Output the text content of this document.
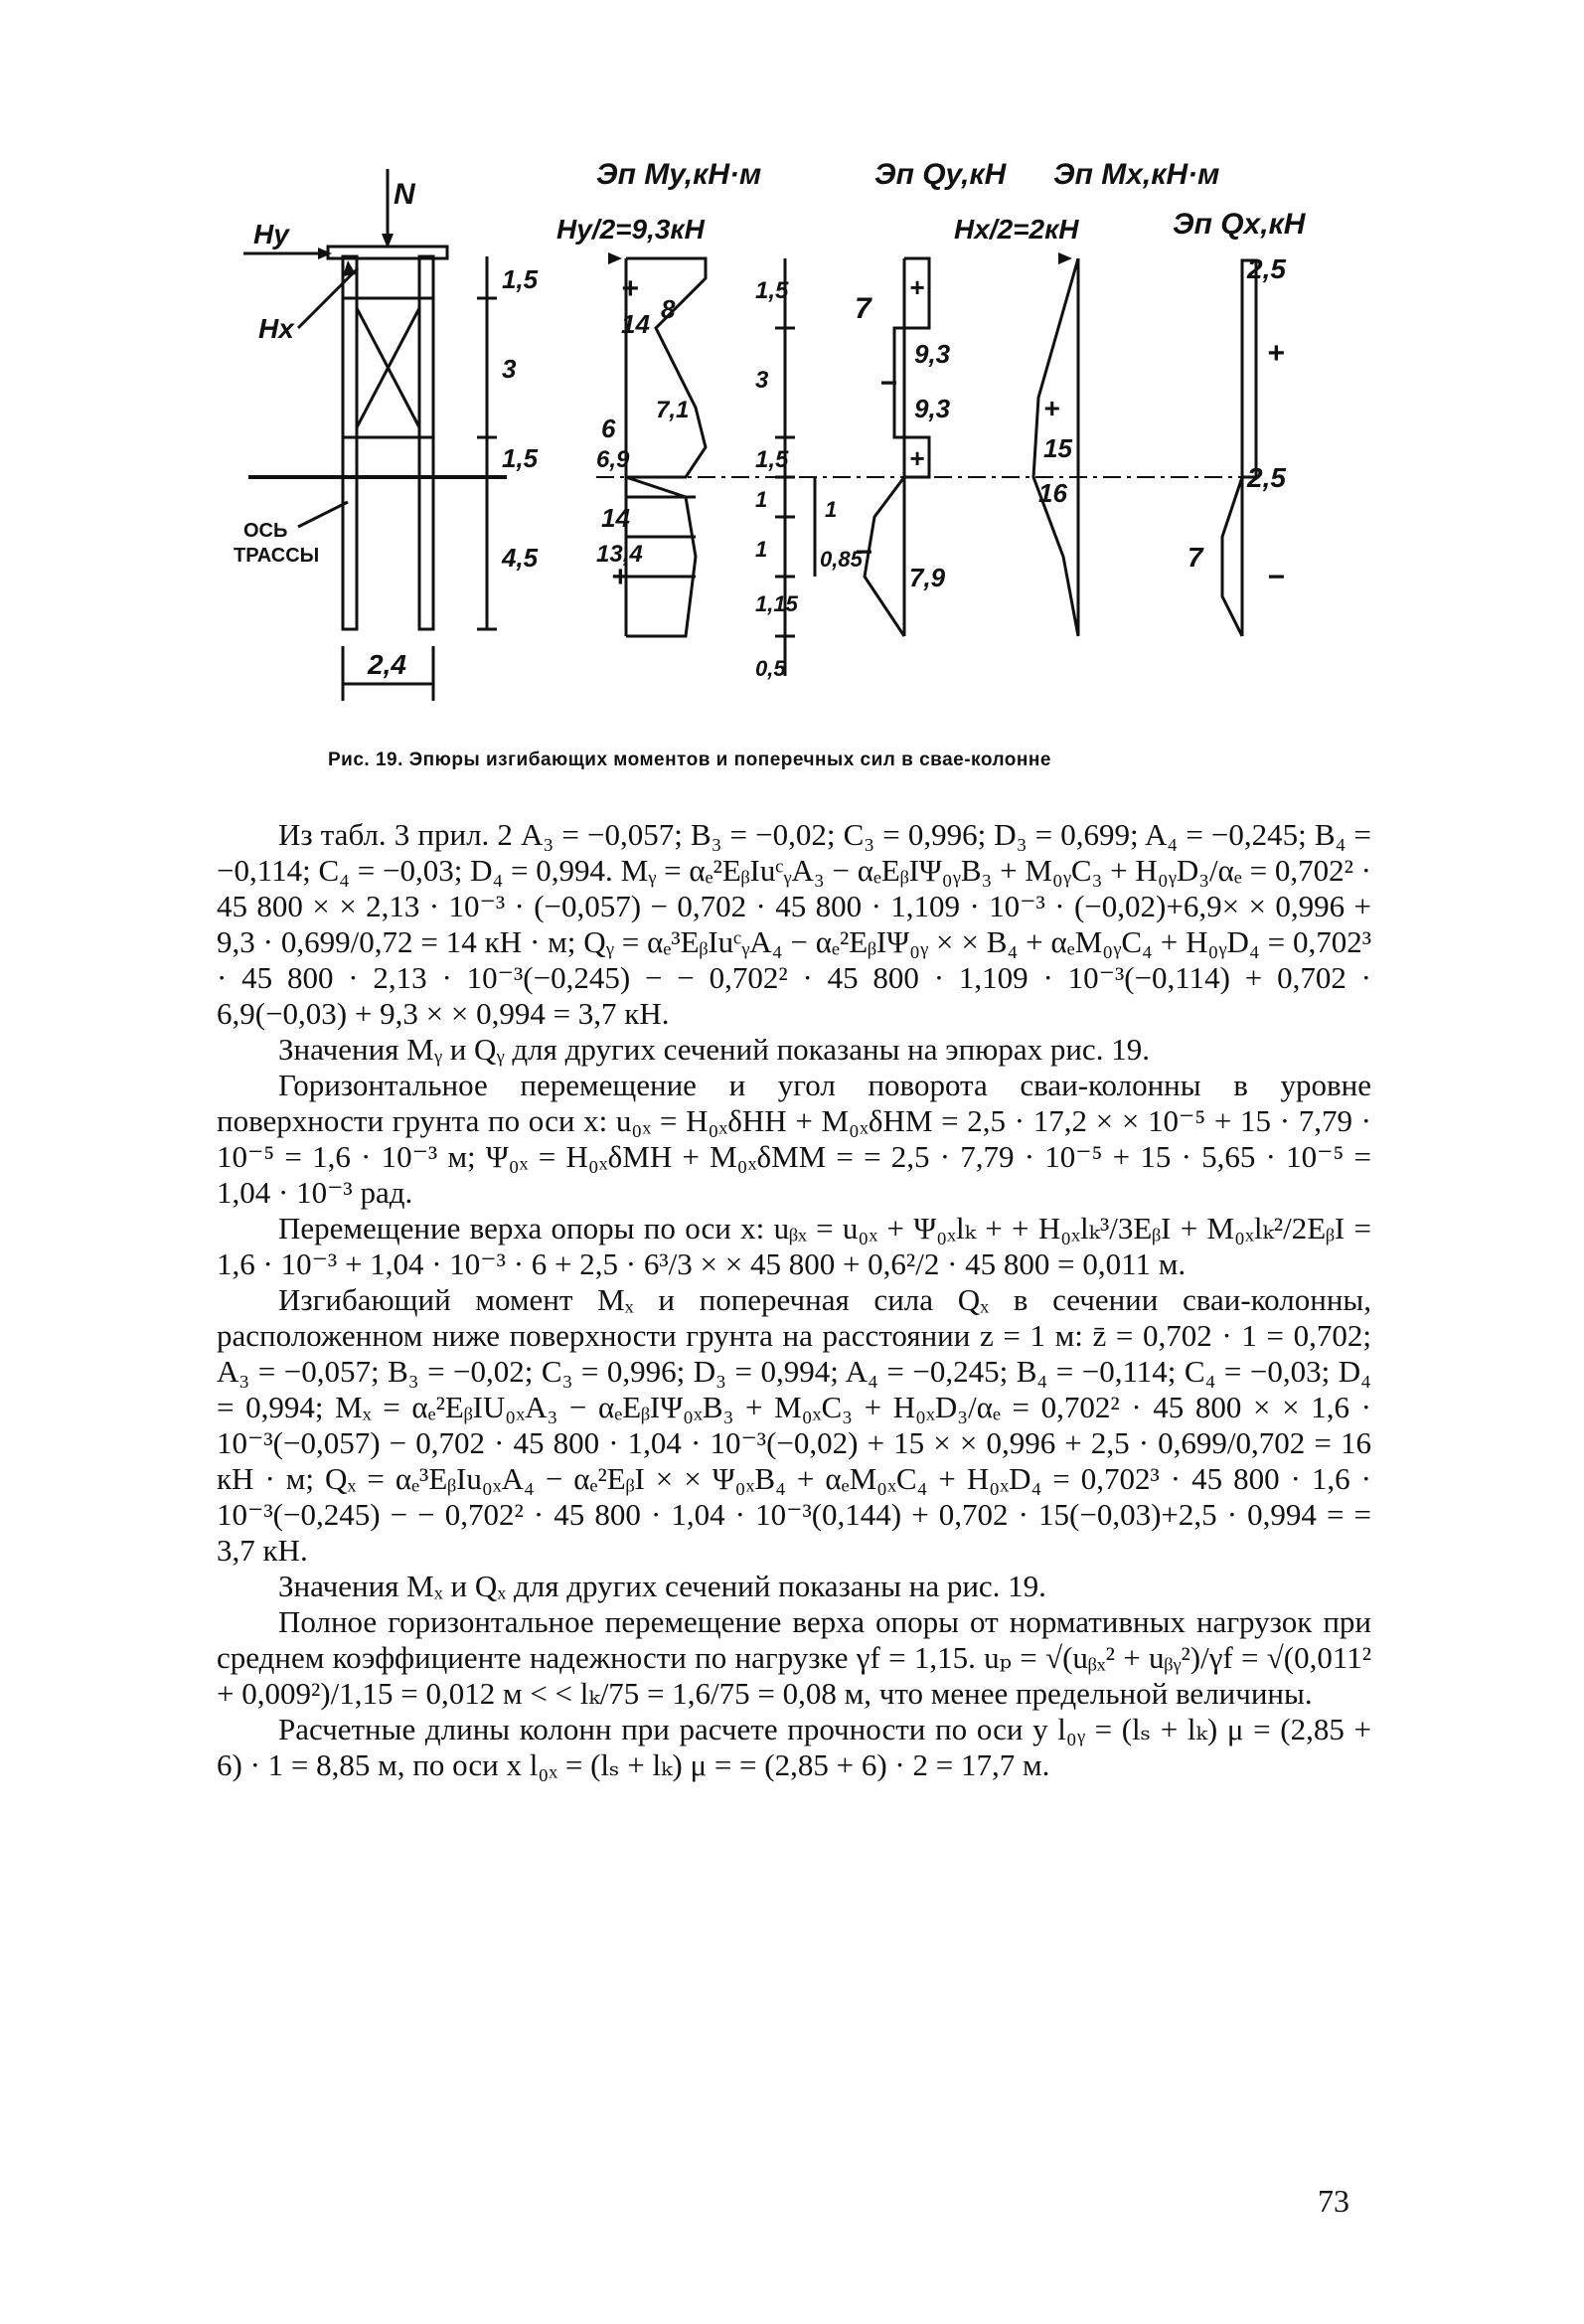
Эп My,кН·м	Эп Qy,кН Эп Mx,кН·м
Эп Qx,кН
Hy/2=9,3кН	Hx/2=2кН
N
Hy
Hx
ОСЬ
ТРАССЫ
2,4
1,5
3
1,5
4,5
1,5
3
1,5
1
1
1,15
0,5
1
0,85
14 8
7,1
6
6,9
14
13,4
+
+
7
9,3
9,3
7,9
+
−
+
−
15
16
+
2,5
2,5
7
+
−
Рис. 19. Эпюры изгибающих моментов и поперечных сил в сваe-колонне

Из табл. 3 прил. 2 A₃ = −0,057; B₃ = −0,02; C₃ = 0,996; D₃ = 0,699; A₄ = −0,245; B₄ = −0,114; C₄ = −0,03; D₄ = 0,994. Mᵧ = αₑ²EᵦIuᶜᵧA₃ − αₑEᵦIΨ₀ᵧB₃ + M₀ᵧC₃ + H₀ᵧD₃/αₑ = 0,702² · 45 800 × × 2,13 · 10⁻³ · (−0,057) − 0,702 · 45 800 · 1,109 · 10⁻³ · (−0,02)+6,9× × 0,996 + 9,3 · 0,699/0,72 = 14 кН · м; Qᵧ = αₑ³EᵦIuᶜᵧA₄ − αₑ²EᵦIΨ₀ᵧ × × B₄ + αₑM₀ᵧC₄ + H₀ᵧD₄ = 0,702³ · 45 800 · 2,13 · 10⁻³(−0,245) − − 0,702² · 45 800 · 1,109 · 10⁻³(−0,114) + 0,702 · 6,9(−0,03) + 9,3 × × 0,994 = 3,7 кН.

Значения Mᵧ и Qᵧ для других сечений показаны на эпюрах рис. 19.

Горизонтальное перемещение и угол поворота сваи-колонны в уровне поверхности грунта по оси x: u₀ₓ = H₀ₓδHH + M₀ₓδHM = 2,5 · 17,2 × × 10⁻⁵ + 15 · 7,79 · 10⁻⁵ = 1,6 · 10⁻³ м; Ψ₀ₓ = H₀ₓδMH + M₀ₓδMM = = 2,5 · 7,79 · 10⁻⁵ + 15 · 5,65 · 10⁻⁵ = 1,04 · 10⁻³ рад.

Перемещение верха опоры по оси x: uᵦₓ = u₀ₓ + Ψ₀ₓlₖ + + H₀ₓlₖ³/3EᵦI + M₀ₓlₖ²/2EᵦI = 1,6 · 10⁻³ + 1,04 · 10⁻³ · 6 + 2,5 · 6³/3 × × 45 800 + 0,6²/2 · 45 800 = 0,011 м.

Изгибающий момент Mₓ и поперечная сила Qₓ в сечении сваи-колонны, расположенном ниже поверхности грунта на расстоянии z = 1 м: z̄ = 0,702 · 1 = 0,702; A₃ = −0,057; B₃ = −0,02; C₃ = 0,996; D₃ = 0,994; A₄ = −0,245; B₄ = −0,114; C₄ = −0,03; D₄ = 0,994; Mₓ = αₑ²EᵦIU₀ₓA₃ − αₑEᵦIΨ₀ₓB₃ + M₀ₓC₃ + H₀ₓD₃/αₑ = 0,702² · 45 800 × × 1,6 · 10⁻³(−0,057) − 0,702 · 45 800 · 1,04 · 10⁻³(−0,02) + 15 × × 0,996 + 2,5 · 0,699/0,702 = 16 кН · м; Qₓ = αₑ³EᵦIu₀ₓA₄ − αₑ²EᵦI × × Ψ₀ₓB₄ + αₑM₀ₓC₄ + H₀ₓD₄ = 0,702³ · 45 800 · 1,6 · 10⁻³(−0,245) − − 0,702² · 45 800 · 1,04 · 10⁻³(0,144) + 0,702 · 15(−0,03)+2,5 · 0,994 = = 3,7 кН.

Значения Mₓ и Qₓ для других сечений показаны на рис. 19.

Полное горизонтальное перемещение верха опоры от нормативных нагрузок при среднем коэффициенте надежности по нагрузке γf = 1,15. uₚ = √(uᵦₓ² + uᵦᵧ²)/γf = √(0,011² + 0,009²)/1,15 = 0,012 м < < lₖ/75 = 1,6/75 = 0,08 м, что менее предельной величины.

Расчетные длины колонн при расчете прочности по оси y l₀ᵧ = (lₛ + lₖ) μ = (2,85 + 6) · 1 = 8,85 м, по оси x l₀ₓ = (lₛ + lₖ) μ = = (2,85 + 6) · 2 = 17,7 м.

73
